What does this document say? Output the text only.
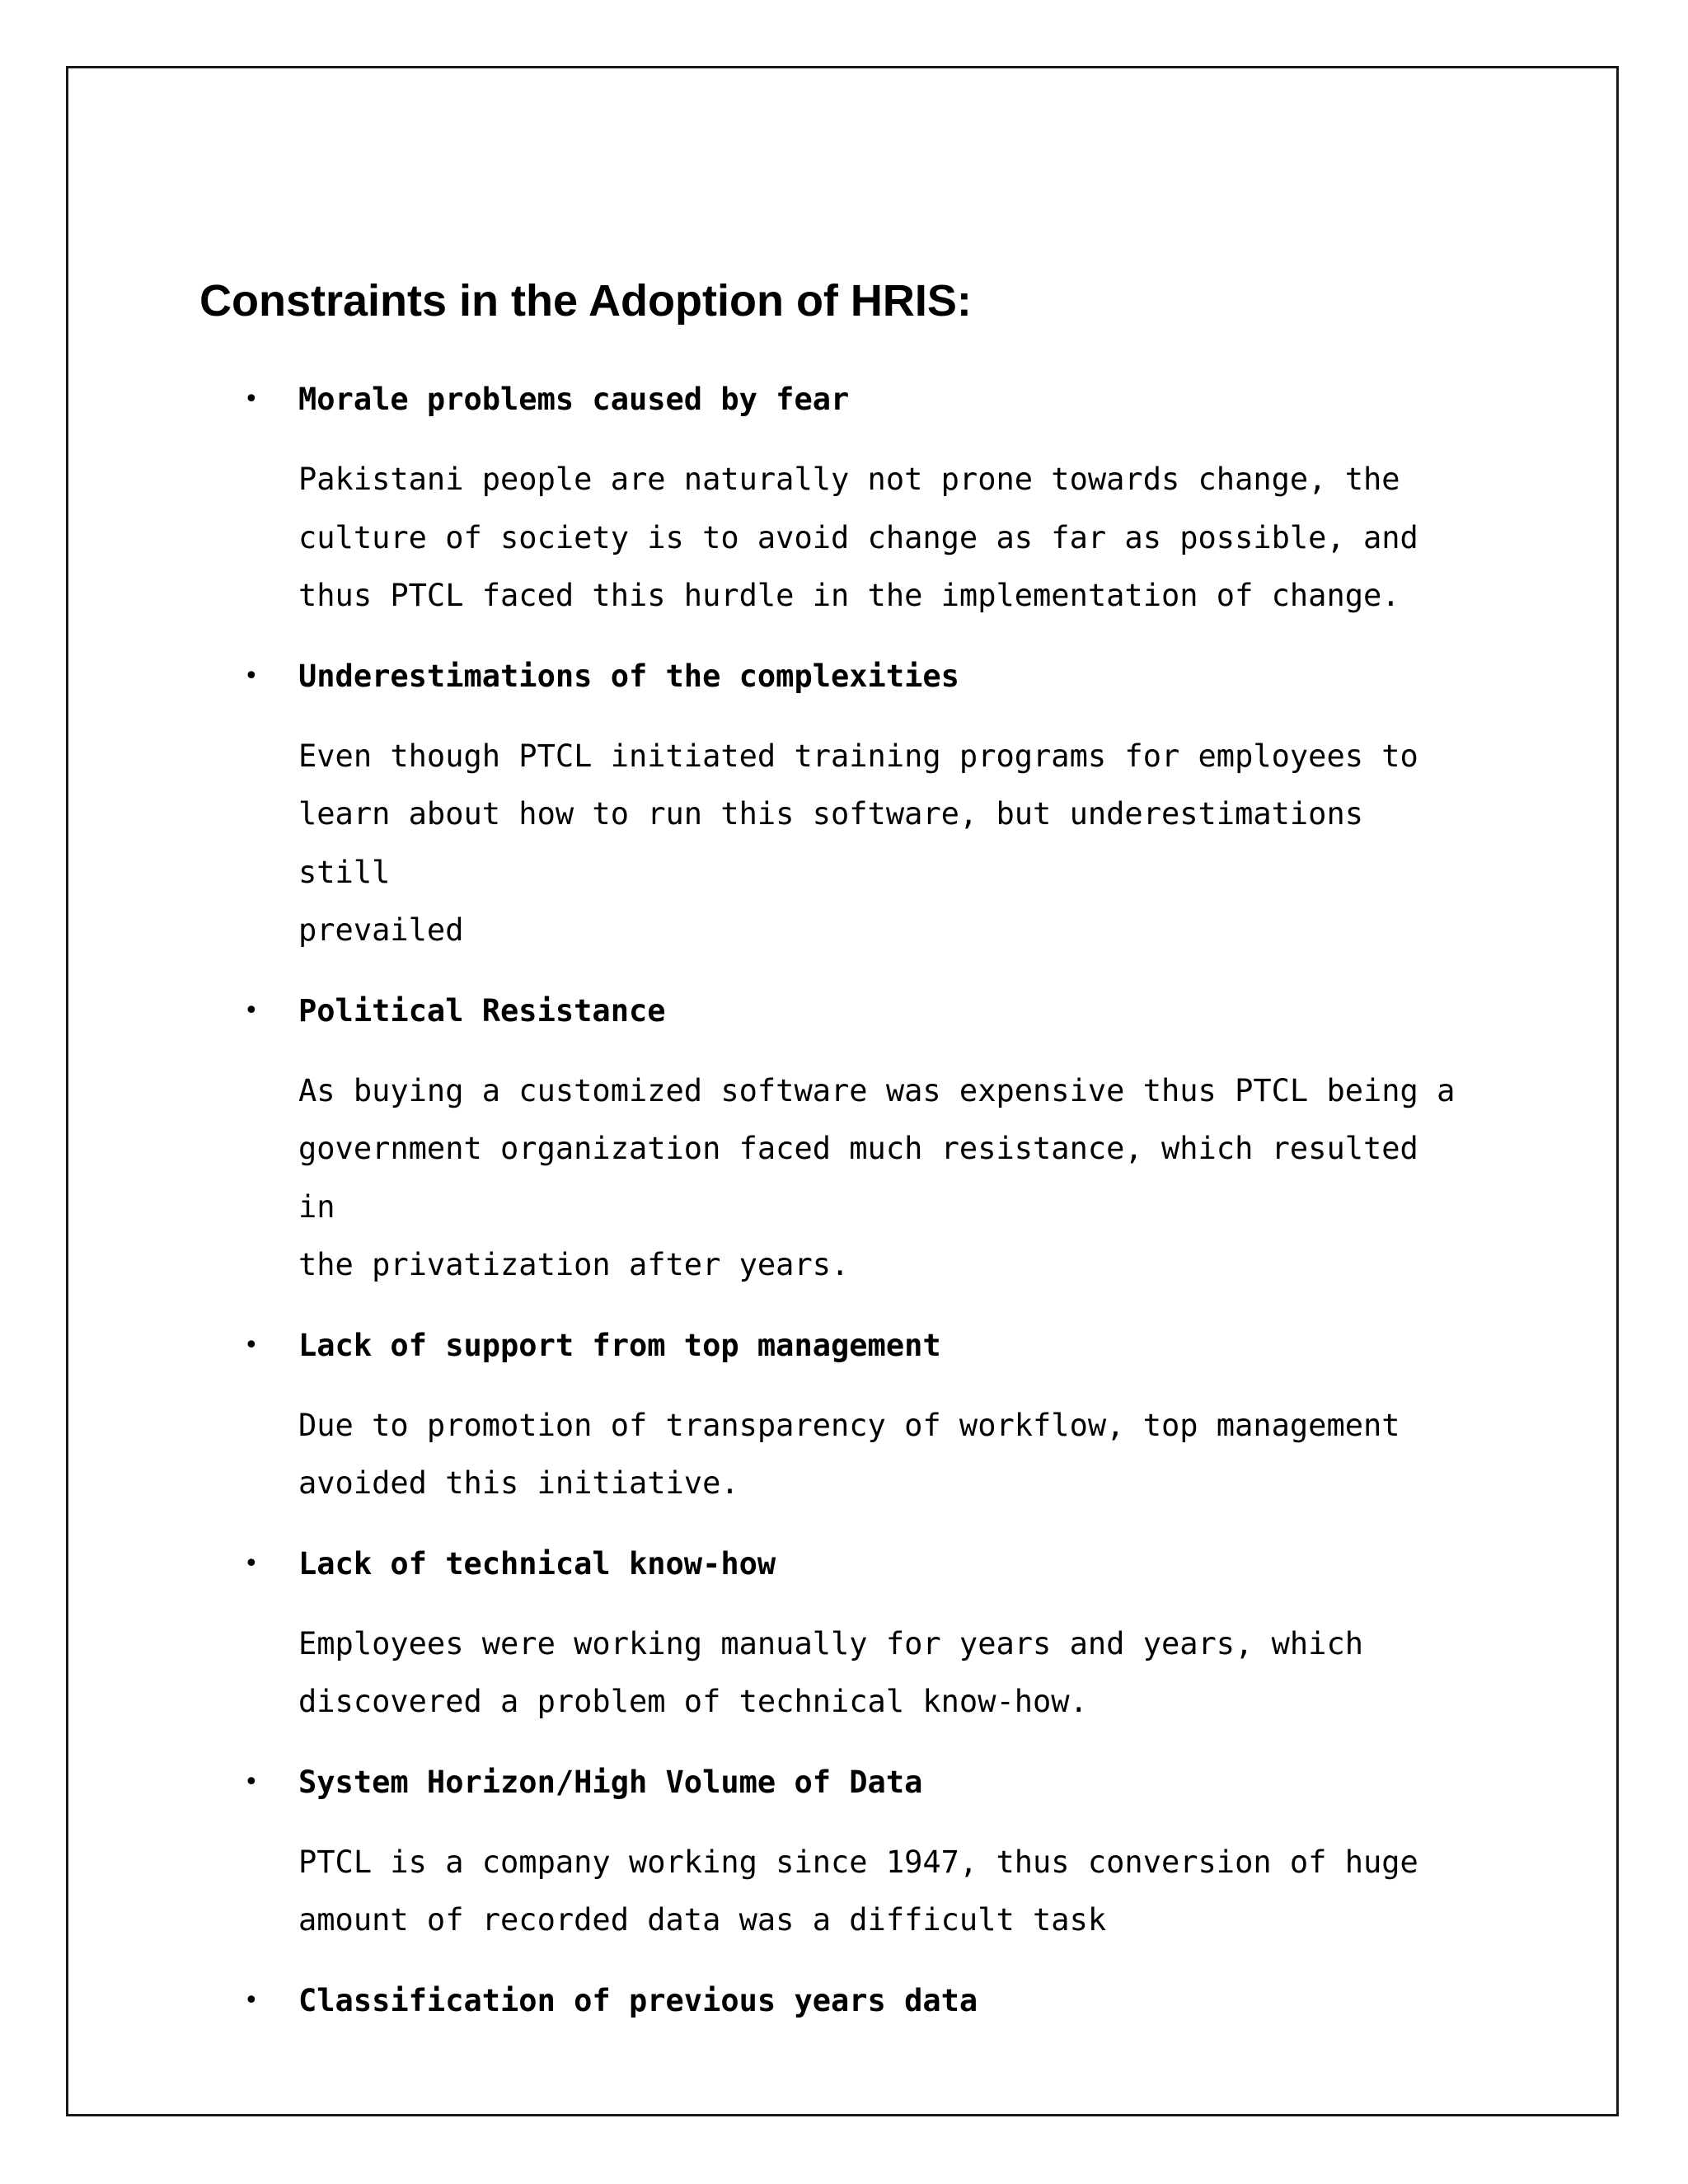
Constraints in the Adoption of HRIS:
• Morale problems caused by fear
Pakistani people are naturally not prone towards change, the
culture of society is to avoid change as far as possible, and
thus PTCL faced this hurdle in the implementation of change.
• Underestimations of the complexities
Even though PTCL initiated training programs for employees to
learn about how to run this software, but underestimations still
prevailed
• Political Resistance
As buying a customized software was expensive thus PTCL being a
government organization faced much resistance, which resulted in
the privatization after years.
• Lack of support from top management
Due to promotion of transparency of workflow, top management
avoided this initiative.
• Lack of technical know-how
Employees were working manually for years and years, which
discovered a problem of technical know-how.
• System Horizon/High Volume of Data
PTCL is a company working since 1947, thus conversion of huge
amount of recorded data was a difficult task
• Classification of previous years data
